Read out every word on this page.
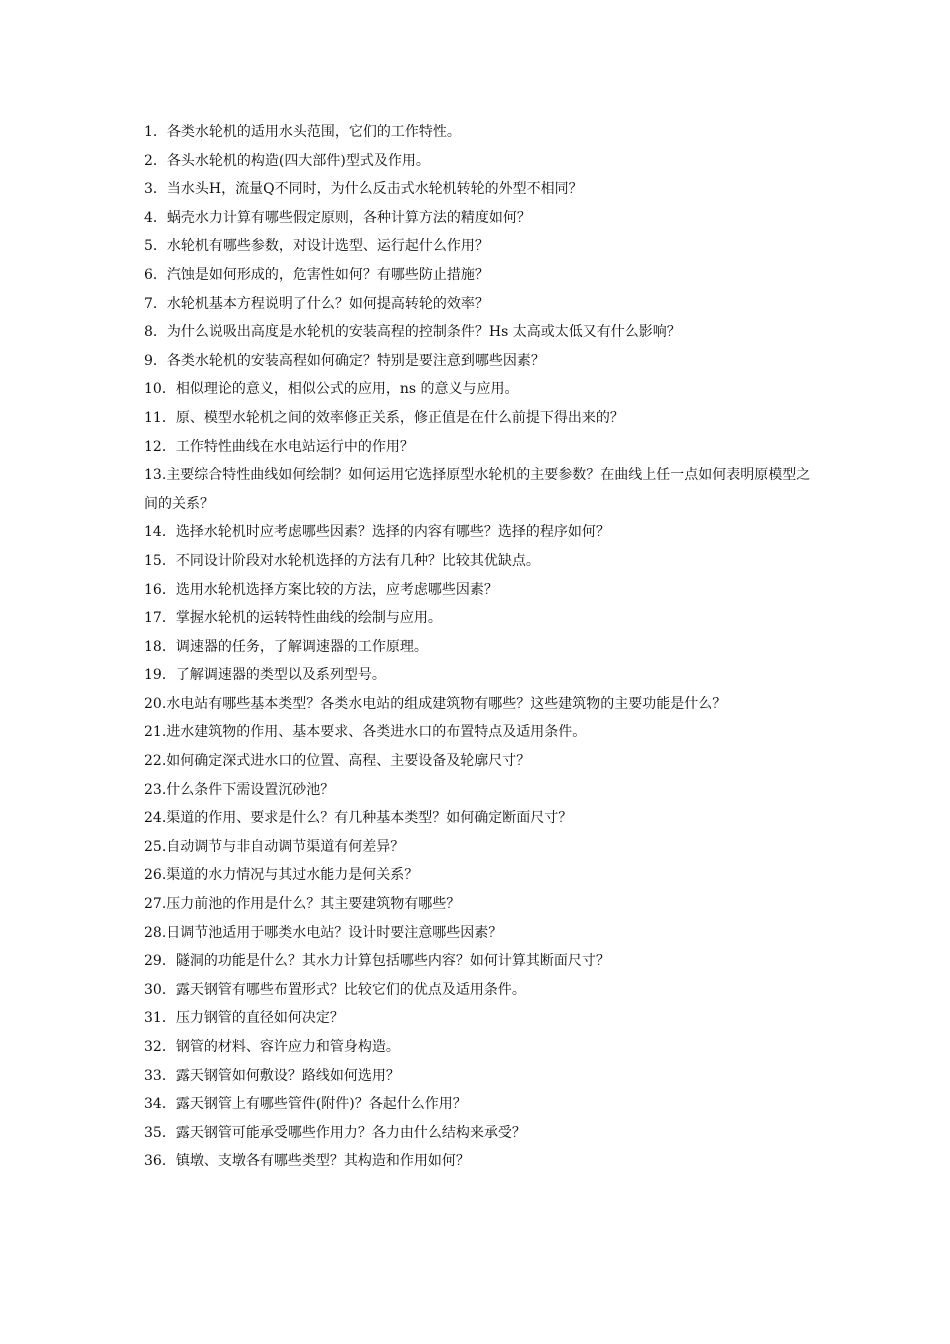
1．各类水轮机的适用水头范围，它们的工作特性。
2．各头水轮机的构造(四大部件)型式及作用。
3．当水头H，流量Q不同时，为什么反击式水轮机转轮的外型不相同？
4．蜗壳水力计算有哪些假定原则，各种计算方法的精度如何？
5．水轮机有哪些参数，对设计选型、运行起什么作用？
6．汽蚀是如何形成的，危害性如何？有哪些防止措施？
7．水轮机基本方程说明了什么？如何提高转轮的效率？
8．为什么说吸出高度是水轮机的安装高程的控制条件？Hs 太高或太低又有什么影响？
9．各类水轮机的安装高程如何确定？特别是要注意到哪些因素？
10．相似理论的意义，相似公式的应用，ns 的意义与应用。
11．原、模型水轮机之间的效率修正关系，修正值是在什么前提下得出来的？
12．工作特性曲线在水电站运行中的作用？
13.主要综合特性曲线如何绘制？如何运用它选择原型水轮机的主要参数？在曲线上任一点如何表明原模型之间的关系？
14．选择水轮机时应考虑哪些因素？选择的内容有哪些？选择的程序如何？
15．不同设计阶段对水轮机选择的方法有几种？比较其优缺点。
16．选用水轮机选择方案比较的方法，应考虑哪些因素？
17．掌握水轮机的运转特性曲线的绘制与应用。
18．调速器的任务，了解调速器的工作原理。
19．了解调速器的类型以及系列型号。
20.水电站有哪些基本类型？各类水电站的组成建筑物有哪些？这些建筑物的主要功能是什么？
21.进水建筑物的作用、基本要求、各类进水口的布置特点及适用条件。
22.如何确定深式进水口的位置、高程、主要设备及轮廓尺寸？
23.什么条件下需设置沉砂池？
24.渠道的作用、要求是什么？有几种基本类型？如何确定断面尺寸？
25.自动调节与非自动调节渠道有何差异？
26.渠道的水力情况与其过水能力是何关系？
27.压力前池的作用是什么？其主要建筑物有哪些？
28.日调节池适用于哪类水电站？设计时要注意哪些因素？
29．隧洞的功能是什么？其水力计算包括哪些内容？如何计算其断面尺寸？
30．露天钢管有哪些布置形式？比较它们的优点及适用条件。
31．压力钢管的直径如何决定？
32．钢管的材料、容许应力和管身构造。
33．露天钢管如何敷设？路线如何选用？
34．露天钢管上有哪些管件(附件)？各起什么作用？
35．露天钢管可能承受哪些作用力？各力由什么结构来承受？
36．镇墩、支墩各有哪些类型？其构造和作用如何？
